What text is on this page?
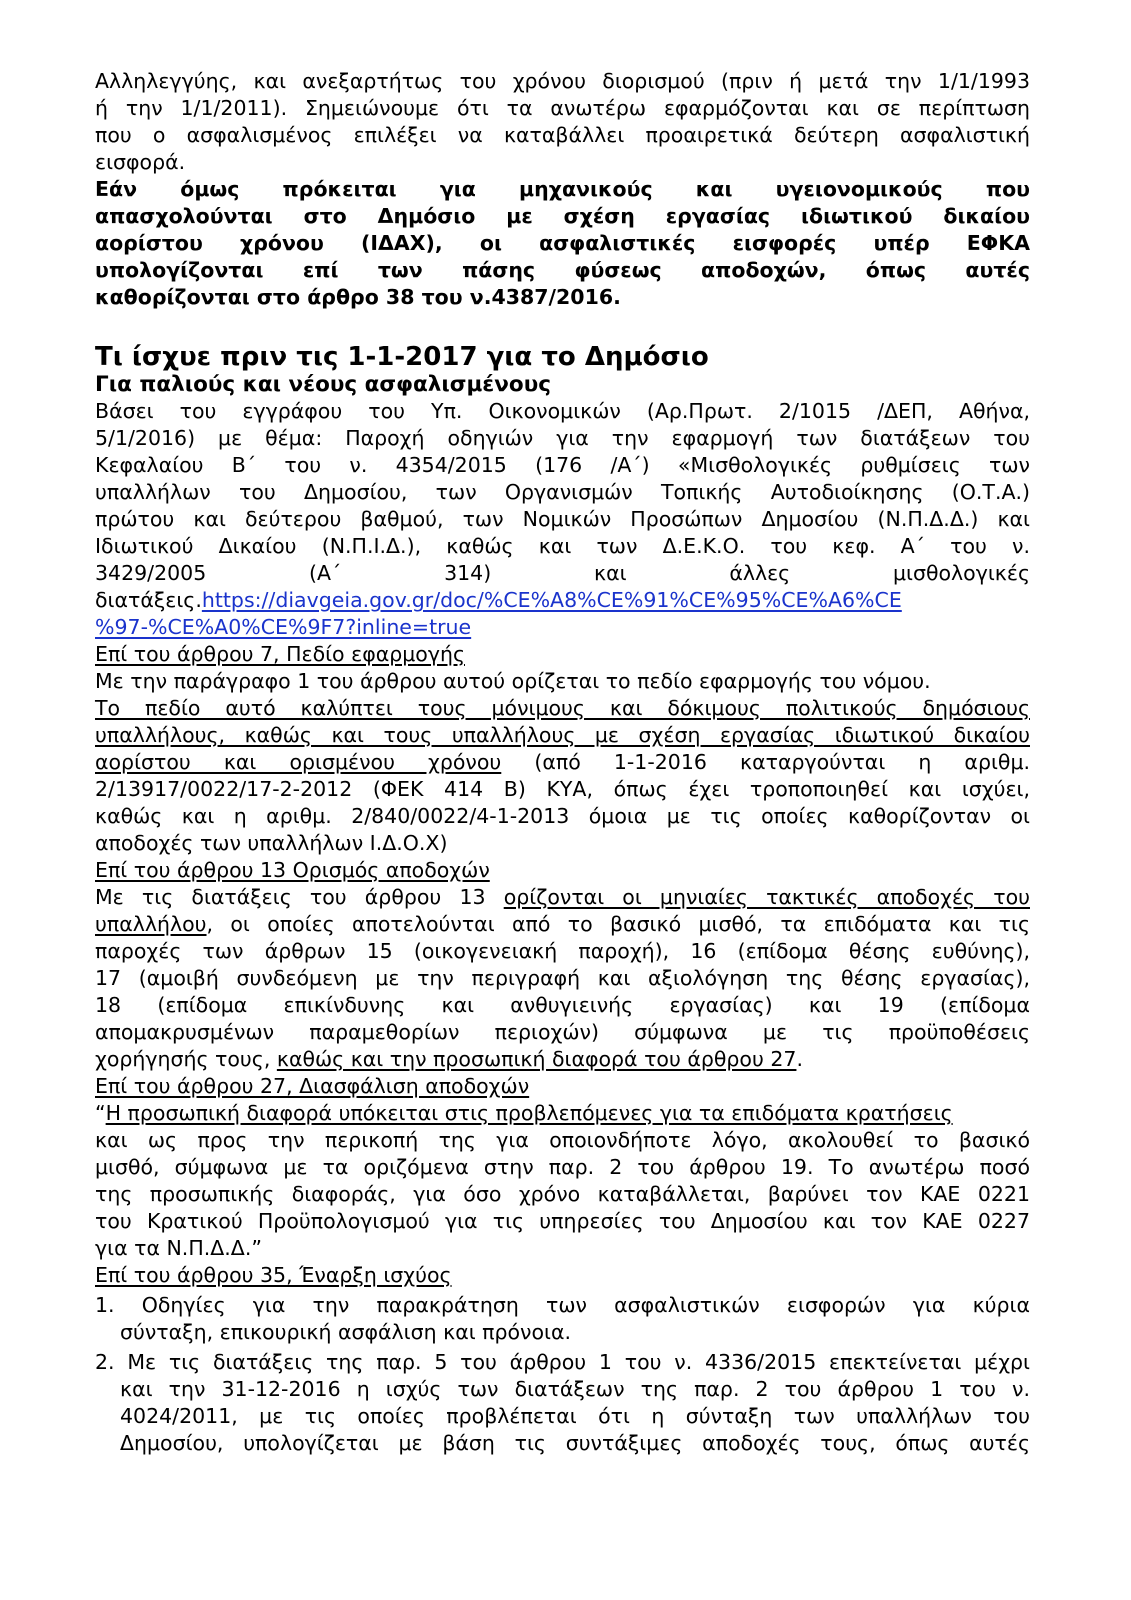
Αλληλεγγύης, και ανεξαρτήτως του χρόνου διορισμού (πριν ή μετά την 1/1/1993
ή την 1/1/2011). Σημειώνουμε ότι τα ανωτέρω εφαρμόζονται και σε περίπτωση
που ο ασφαλισμένος επιλέξει να καταβάλλει προαιρετικά δεύτερη ασφαλιστική
εισφορά.
Εάν όμως πρόκειται για μηχανικούς και υγειονομικούς που
απασχολούνται στο Δημόσιο με σχέση εργασίας ιδιωτικού δικαίου
αορίστου χρόνου (ΙΔΑΧ), οι ασφαλιστικές εισφορές υπέρ ΕΦΚΑ
υπολογίζονται επί των πάσης φύσεως αποδοχών, όπως αυτές
καθορίζονται στο άρθρο 38 του ν.4387/2016.
Τι ίσχυε πριν τις 1-1-2017 για το Δημόσιο
Για παλιούς και νέους ασφαλισμένους
Βάσει του εγγράφου του Υπ. Οικονομικών (Αρ.Πρωτ. 2/1015 /ΔΕΠ, Αθήνα,
5/1/2016) με θέμα: Παροχή οδηγιών για την εφαρμογή των διατάξεων του
Κεφαλαίου Β΄ του ν. 4354/2015 (176 /Α΄) «Μισθολογικές ρυθμίσεις των
υπαλλήλων του Δημοσίου, των Οργανισμών Τοπικής Αυτοδιοίκησης (Ο.Τ.Α.)
πρώτου και δεύτερου βαθμού, των Νομικών Προσώπων Δημοσίου (Ν.Π.Δ.Δ.) και
Ιδιωτικού Δικαίου (Ν.Π.Ι.Δ.), καθώς και των Δ.Ε.Κ.Ο. του κεφ. Α΄ του ν.
3429/2005 (Α΄ 314) και άλλες μισθολογικές
διατάξεις.https://diavgeia.gov.gr/doc/%CE%A8%CE%91%CE%95%CE%A6%CE
%97-%CE%A0%CE%9F7?inline=true
Επί του άρθρου 7, Πεδίο εφαρμογής
Με την παράγραφο 1 του άρθρου αυτού ορίζεται το πεδίο εφαρμογής του νόμου.
Το πεδίο αυτό καλύπτει τους μόνιμους και δόκιμους πολιτικούς δημόσιους
υπαλλήλους, καθώς και τους υπαλλήλους με σχέση εργασίας ιδιωτικού δικαίου
αορίστου και ορισμένου χρόνου (από 1-1-2016 καταργούνται η αριθμ.
2/13917/0022/17-2-2012 (ΦΕΚ 414 Β) ΚΥΑ, όπως έχει τροποποιηθεί και ισχύει,
καθώς και η αριθμ. 2/840/0022/4-1-2013 όμοια με τις οποίες καθορίζονταν οι
αποδοχές των υπαλλήλων Ι.Δ.Ο.Χ)
Επί του άρθρου 13 Ορισμός αποδοχών
Με τις διατάξεις του άρθρου 13 ορίζονται οι μηνιαίες τακτικές αποδοχές του
υπαλλήλου, οι οποίες αποτελούνται από το βασικό μισθό, τα επιδόματα και τις
παροχές των άρθρων 15 (οικογενειακή παροχή), 16 (επίδομα θέσης ευθύνης),
17 (αμοιβή συνδεόμενη με την περιγραφή και αξιολόγηση της θέσης εργασίας),
18 (επίδομα επικίνδυνης και ανθυγιεινής εργασίας) και 19 (επίδομα
απομακρυσμένων παραμεθορίων περιοχών) σύμφωνα με τις προϋποθέσεις
χορήγησής τους, καθώς και την προσωπική διαφορά του άρθρου 27.
Επί του άρθρου 27, Διασφάλιση αποδοχών
“Η προσωπική διαφορά υπόκειται στις προβλεπόμενες για τα επιδόματα κρατήσεις
και ως προς την περικοπή της για οποιονδήποτε λόγο, ακολουθεί το βασικό
μισθό, σύμφωνα με τα οριζόμενα στην παρ. 2 του άρθρου 19. Το ανωτέρω ποσό
της προσωπικής διαφοράς, για όσο χρόνο καταβάλλεται, βαρύνει τον ΚΑΕ 0221
του Κρατικού Προϋπολογισμού για τις υπηρεσίες του Δημοσίου και τον ΚΑΕ 0227
για τα Ν.Π.Δ.Δ.”
Επί του άρθρου 35, Έναρξη ισχύος
1. Οδηγίες για την παρακράτηση των ασφαλιστικών εισφορών για κύρια
σύνταξη, επικουρική ασφάλιση και πρόνοια.
2. Με τις διατάξεις της παρ. 5 του άρθρου 1 του ν. 4336/2015 επεκτείνεται μέχρι
και την 31-12-2016 η ισχύς των διατάξεων της παρ. 2 του άρθρου 1 του ν.
4024/2011, με τις οποίες προβλέπεται ότι η σύνταξη των υπαλλήλων του
Δημοσίου, υπολογίζεται με βάση τις συντάξιμες αποδοχές τους, όπως αυτές
